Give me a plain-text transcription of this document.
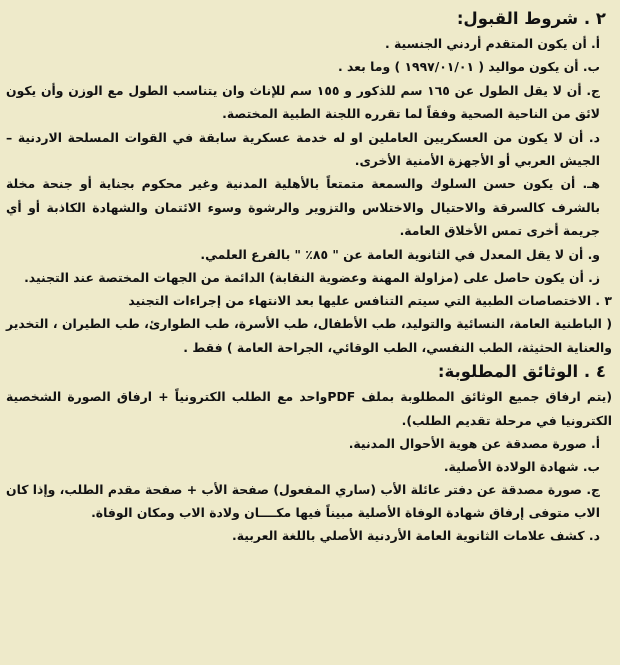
٢ . شروط القبول:

أ. أن يكون المتقدم أردني الجنسية .

ب. أن يكون مواليد ( ١٩٩٧/٠١/٠١ ) وما بعد .

ج. أن لا يقل الطول عن ١٦٥ سم للذكور و ١٥٥ سم للإناث وان يتناسب الطول مع الوزن وأن يكون لائق من الناحية الصحية وفقاً لما تقرره اللجنة الطبية المختصة.

د. أن لا يكون من العسكريين العاملين او له خدمة عسكرية سابقة في القوات المسلحة الاردنية – الجيش العربي أو الأجهزة الأمنية الأخرى.

هـ. أن يكون حسن السلوك والسمعة متمتعاً بالأهلية المدنية وغير محكوم بجناية أو جنحة مخلة بالشرف كالسرقة والاحتيال والاختلاس والتزوير والرشوة وسوء الائتمان والشهادة الكاذبة أو أي جريمة أخرى تمس الأخلاق العامة.

و. أن لا يقل المعدل في الثانوية العامة عن " ٨٥٪ " بالفرع العلمي.

ز. أن يكون حاصل على (مزاولة المهنة وعضوية النقابة) الدائمة من الجهات المختصة عند التجنيد.

٣ . الاختصاصات الطبية التي سيتم التنافس عليها بعد الانتهاء من إجراءات التجنيد

( الباطنية العامة، النسائية والتوليد، طب الأطفال، طب الأسرة، طب الطوارئ، طب الطيران ، التخدير والعناية الحثيثة، الطب النفسي، الطب الوقائي، الجراحة العامة ) فقط .

٤ . الوثائق المطلوبة:

(يتم ارفاق جميع الوثائق المطلوبة بملف PDFواحد مع الطلب الكترونياً + ارفاق الصورة الشخصية الكترونيا في مرحلة تقديم الطلب).

أ. صورة مصدقة عن هوية الأحوال المدنية.

ب. شهادة الولادة الأصلية.

ج. صورة مصدقة عن دفتر عائلة الأب (ساري المفعول) صفحة الأب + صفحة مقدم الطلب، وإذا كان الاب متوفى إرفاق شهادة الوفاة الأصلية مبيناً فيها مكــــان ولادة الاب ومكان الوفاة.

د. كشف علامات الثانوية العامة الأردنية الأصلي باللغة العربية.
